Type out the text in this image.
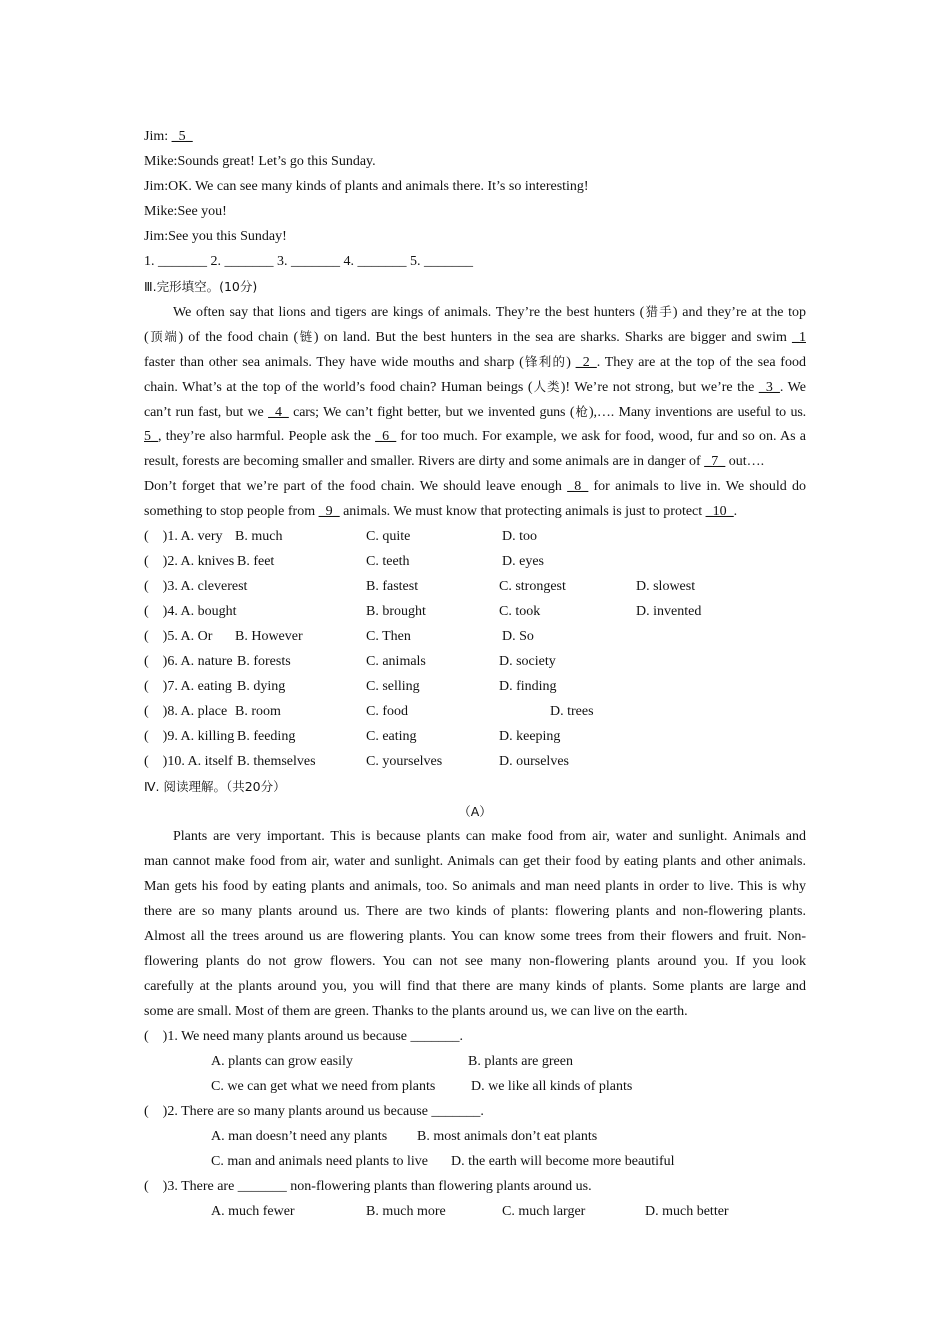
Jim: _5_
Mike:Sounds great! Let’s go this Sunday.
Jim:OK. We can see many kinds of plants and animals there. It’s so interesting!
Mike:See you!
Jim:See you this Sunday!
1. _______ 2. _______ 3. _______ 4. _______ 5. _______
Ⅲ.完形填空。(10分)
We often say that lions and tigers are kings of animals. They’re the best hunters (猎手) and they’re at the top
(顶端) of the food chain (链) on land. But the best hunters in the sea are sharks. Sharks are bigger and swim _1
faster than other sea animals. They have wide mouths and sharp (锋利的) _2_. They are at the top of the sea food
chain. What’s at the top of the world’s food chain? Human beings (人类)! We’re not strong, but we’re the _3_. We
can’t run fast, but we _4_ cars; We can’t fight better, but we invented guns (枪),…. Many inventions are useful to us.
5_, they’re also harmful. People ask the _6_ for too much. For example, we ask for food, wood, fur and so on. As a
result, forests are becoming smaller and smaller. Rivers are dirty and some animals are in danger of _7_ out….
Don’t forget that we’re part of the food chain. We should leave enough _8_ for animals to live in. We should do
something to stop people from _9_ animals. We must know that protecting animals is just to protect _10_.
(　)1. A. very B. much	C. quite	D. too
(　)2. A. knives B. feet	C. teeth	D. eyes
(　)3. A. cleverest	B. fastest	C. strongest	D. slowest
(　)4. A. bought	B. brought	C. took	D. invented
(　)5. A. Or B. However	C. Then	D. So
(　)6. A. nature B. forests	C. animals	D. society
(　)7. A. eating B. dying	C. selling	D. finding
(　)8. A. place B. room	C. food	D. trees
(　)9. A. killing B. feeding	C. eating	D. keeping
(　)10. A. itself B. themselves	C. yourselves	D. ourselves
Ⅳ. 阅读理解。（共20分）
（A）
Plants are very important. This is because plants can make food from air, water and sunlight. Animals and
man cannot make food from air, water and sunlight. Animals can get their food by eating plants and other animals.
Man gets his food by eating plants and animals, too. So animals and man need plants in order to live. This is why
there are so many plants around us. There are two kinds of plants: flowering plants and non-flowering plants.
Almost all the trees around us are flowering plants. You can know some trees from their flowers and fruit. Non-
flowering plants do not grow flowers. You can not see many non-flowering plants around you. If you look
carefully at the plants around you, you will find that there are many kinds of plants. Some plants are large and
some are small. Most of them are green. Thanks to the plants around us, we can live on the earth.
(　)1. We need many plants around us because _______.
A. plants can grow easily	B. plants are green
C. we can get what we need from plants	D. we like all kinds of plants
(　)2. There are so many plants around us because _______.
A. man doesn’t need any plants B. most animals don’t eat plants
C. man and animals need plants to live D. the earth will become more beautiful
(　)3. There are _______ non-flowering plants than flowering plants around us.
A. much fewer	B. much more	C. much larger	D. much better
